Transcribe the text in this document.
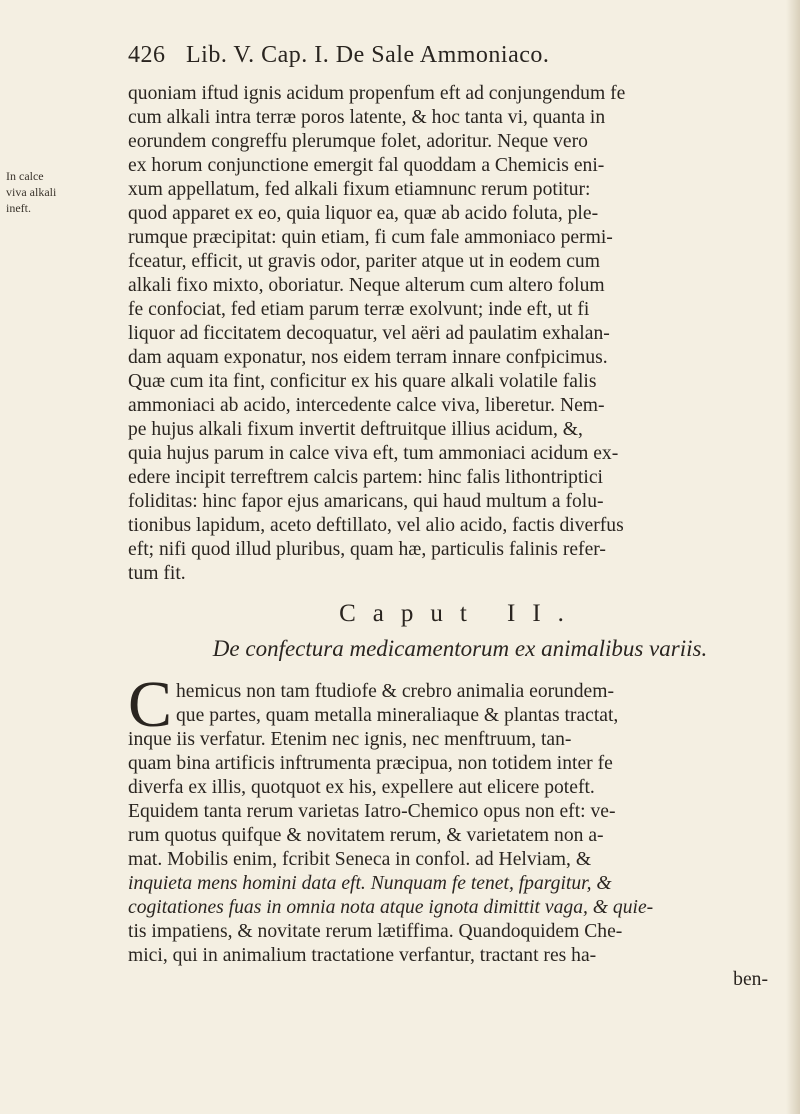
426 Lib. V. Cap. I. De Sale Ammoniaco.
In calce
viva alkali
ineft.
quoniam iftud ignis acidum propenfum eft ad conjungendum fe
cum alkali intra terræ poros latente, & hoc tanta vi, quanta in
eorundem congreffu plerumque folet, adoritur. Neque vero
ex horum conjunctione emergit fal quoddam a Chemicis eni-
xum appellatum, fed alkali fixum etiamnunc rerum potitur:
quod apparet ex eo, quia liquor ea, quæ ab acido foluta, ple-
rumque præcipitat: quin etiam, fi cum fale ammoniaco permi-
fceatur, efficit, ut gravis odor, pariter atque ut in eodem cum
alkali fixo mixto, oboriatur. Neque alterum cum altero folum
fe confociat, fed etiam parum terræ exolvunt; inde eft, ut fi
liquor ad ficcitatem decoquatur, vel aëri ad paulatim exhalan-
dam aquam exponatur, nos eidem terram innare confpicimus.
Quæ cum ita fint, conficitur ex his quare alkali volatile falis
ammoniaci ab acido, intercedente calce viva, liberetur. Nem-
pe hujus alkali fixum invertit deftruitque illius acidum, &,
quia hujus parum in calce viva eft, tum ammoniaci acidum ex-
edere incipit terreftrem calcis partem: hinc falis lithontriptici
foliditas: hinc fapor ejus amaricans, qui haud multum a folu-
tionibus lapidum, aceto deftillato, vel alio acido, factis diverfus
eft; nifi quod illud pluribus, quam hæ, particulis falinis refer-
tum fit.
Caput II.
De confectura medicamentorum ex animalibus variis.
C hemicus non tam ftudiofe & crebro animalia eorundem-
que partes, quam metalla mineraliaque & plantas tractat,
inque iis verfatur. Etenim nec ignis, nec menftruum, tan-
quam bina artificis inftrumenta præcipua, non totidem inter fe
diverfa ex illis, quotquot ex his, expellere aut elicere poteft.
Equidem tanta rerum varietas Iatro-Chemico opus non eft: ve-
rum quotus quifque & novitatem rerum, & varietatem non a-
mat. Mobilis enim, fcribit Seneca in confol. ad Helviam, &
inquieta mens homini data eft. Nunquam fe tenet, fpargitur, &
cogitationes fuas in omnia nota atque ignota dimittit vaga, & quie-
tis impatiens, & novitate rerum lætiffima. Quandoquidem Che-
mici, qui in animalium tractatione verfantur, tractant res ha-
ben-
